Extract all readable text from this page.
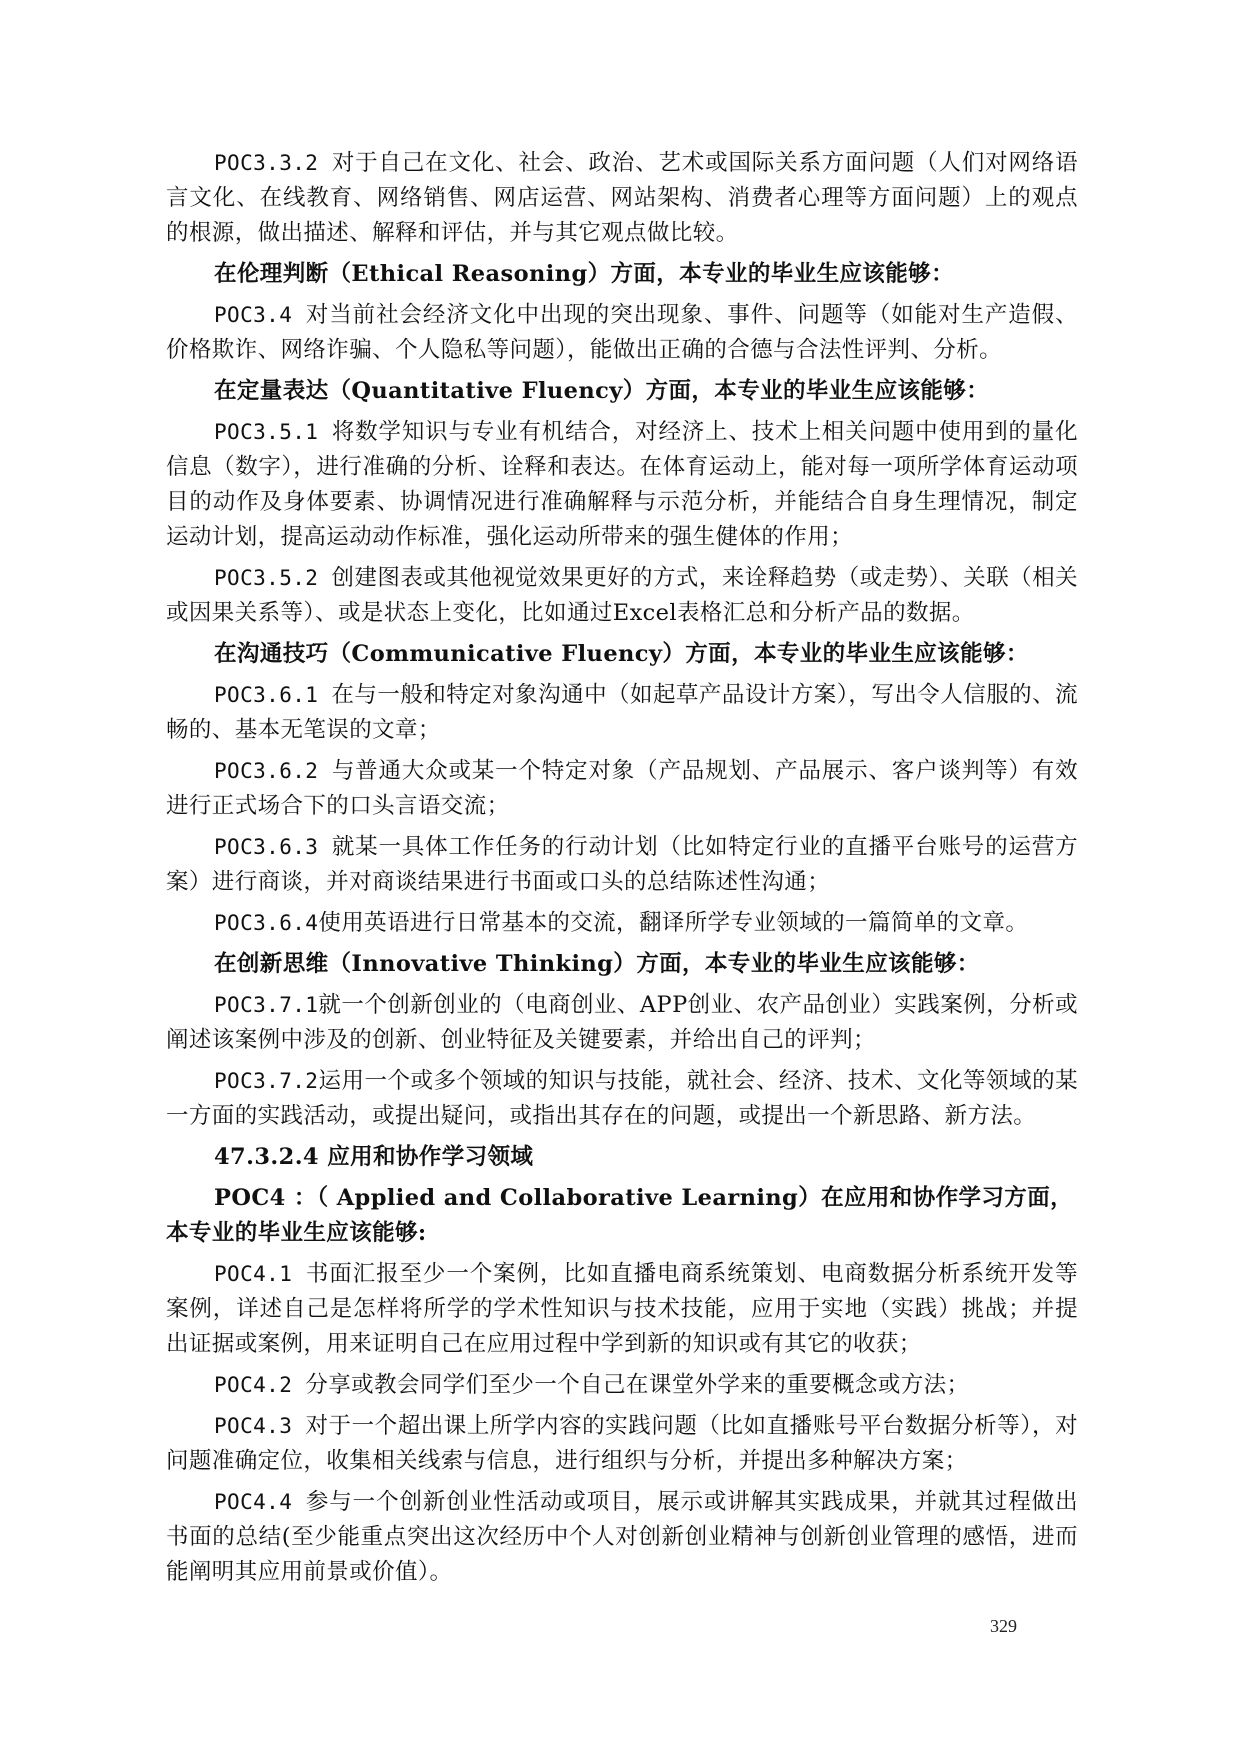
POC3.3.2 对于自己在文化、社会、政治、艺术或国际关系方面问题（人们对网络语言文化、在线教育、网络销售、网店运营、网站架构、消费者心理等方面问题）上的观点的根源，做出描述、解释和评估，并与其它观点做比较。

在伦理判断（Ethical Reasoning）方面，本专业的毕业生应该能够：

POC3.4 对当前社会经济文化中出现的突出现象、事件、问题等（如能对生产造假、价格欺诈、网络诈骗、个人隐私等问题），能做出正确的合德与合法性评判、分析。

在定量表达（Quantitative Fluency）方面，本专业的毕业生应该能够：

POC3.5.1 将数学知识与专业有机结合，对经济上、技术上相关问题中使用到的量化信息（数字），进行准确的分析、诠释和表达。在体育运动上，能对每一项所学体育运动项目的动作及身体要素、协调情况进行准确解释与示范分析，并能结合自身生理情况，制定运动计划，提高运动动作标准，强化运动所带来的强生健体的作用；

POC3.5.2 创建图表或其他视觉效果更好的方式，来诠释趋势（或走势）、关联（相关或因果关系等）、或是状态上变化，比如通过Excel表格汇总和分析产品的数据。

在沟通技巧（Communicative Fluency）方面，本专业的毕业生应该能够：

POC3.6.1 在与一般和特定对象沟通中（如起草产品设计方案），写出令人信服的、流畅的、基本无笔误的文章；

POC3.6.2 与普通大众或某一个特定对象（产品规划、产品展示、客户谈判等）有效进行正式场合下的口头言语交流；

POC3.6.3 就某一具体工作任务的行动计划（比如特定行业的直播平台账号的运营方案）进行商谈，并对商谈结果进行书面或口头的总结陈述性沟通；

POC3.6.4使用英语进行日常基本的交流，翻译所学专业领域的一篇简单的文章。

在创新思维（Innovative Thinking）方面，本专业的毕业生应该能够：

POC3.7.1就一个创新创业的（电商创业、APP创业、农产品创业）实践案例，分析或阐述该案例中涉及的创新、创业特征及关键要素，并给出自己的评判；

POC3.7.2运用一个或多个领域的知识与技能，就社会、经济、技术、文化等领域的某一方面的实践活动，或提出疑问，或指出其存在的问题，或提出一个新思路、新方法。

47.3.2.4 应用和协作学习领域

POC4 ：（ Applied and Collaborative Learning）在应用和协作学习方面，本专业的毕业生应该能够:

POC4.1 书面汇报至少一个案例，比如直播电商系统策划、电商数据分析系统开发等案例，详述自己是怎样将所学的学术性知识与技术技能，应用于实地（实践）挑战；并提出证据或案例，用来证明自己在应用过程中学到新的知识或有其它的收获；

POC4.2 分享或教会同学们至少一个自己在课堂外学来的重要概念或方法；

POC4.3 对于一个超出课上所学内容的实践问题（比如直播账号平台数据分析等），对问题准确定位，收集相关线索与信息，进行组织与分析，并提出多种解决方案；

POC4.4 参与一个创新创业性活动或项目，展示或讲解其实践成果，并就其过程做出书面的总结(至少能重点突出这次经历中个人对创新创业精神与创新创业管理的感悟，进而能阐明其应用前景或价值）。

329
